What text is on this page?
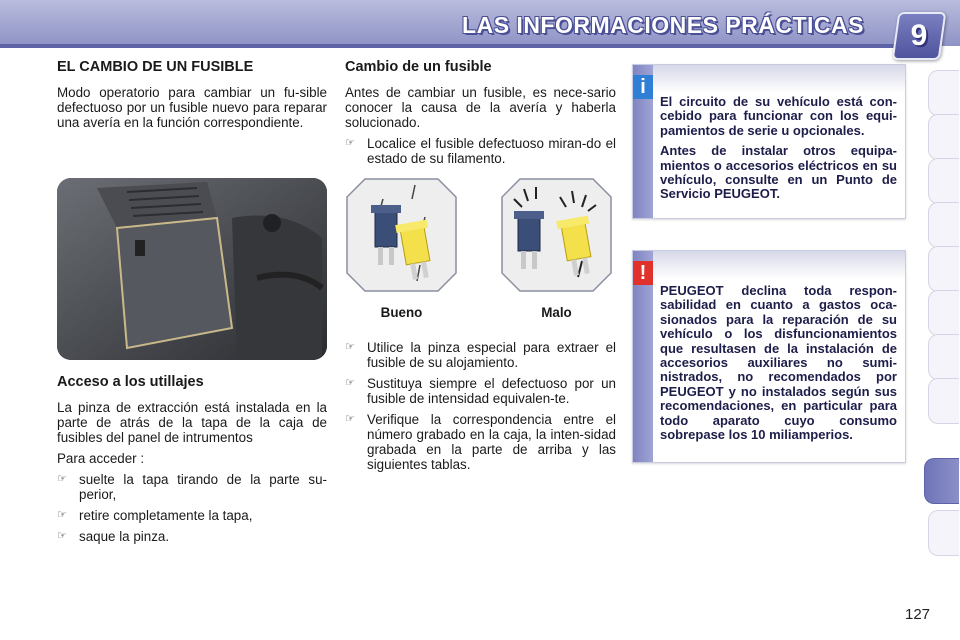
LAS INFORMACIONES PRÁCTICAS	9
EL CAMBIO DE UN FUSIBLE

Modo operatorio para cambiar un fu-sible defectuoso por un fusible nuevo para reparar una avería en la función correspondiente.

Acceso a los utillajes

La pinza de extracción está instalada en la parte de atrás de la tapa de la caja de fusibles del panel de intrumentos

Para acceder :

☞ suelte la tapa tirando de la parte su-perior,
☞ retire completamente la tapa,
☞ saque la pinza.
Cambio de un fusible

Antes de cambiar un fusible, es nece-sario conocer la causa de la avería y haberla solucionado.

☞ Localice el fusible defectuoso miran-do el estado de su filamento.
Bueno	Malo
☞ Utilice la pinza especial para extraer el fusible de su alojamiento.
☞ Sustituya siempre el defectuoso por un fusible de intensidad equivalen-te.
☞ Verifique la correspondencia entre el número grabado en la caja, la inten-sidad grabada en la parte de arriba y las siguientes tablas.
i

El circuito de su vehículo está con-cebido para funcionar con los equi-pamientos de serie u opcionales.

Antes de instalar otros equipa-mientos o accesorios eléctricos en su vehículo, consulte en un Punto de Servicio PEUGEOT.

!

PEUGEOT declina toda respon-sabilidad en cuanto a gastos oca-sionados para la reparación de su vehículo o los disfuncionamientos que resultasen de la instalación de accesorios auxiliares no sumi-nistrados, no recomendados por PEUGEOT y no instalados según sus recomendaciones, en particular para todo aparato cuyo consumo sobrepase los 10 miliamperios.

127
